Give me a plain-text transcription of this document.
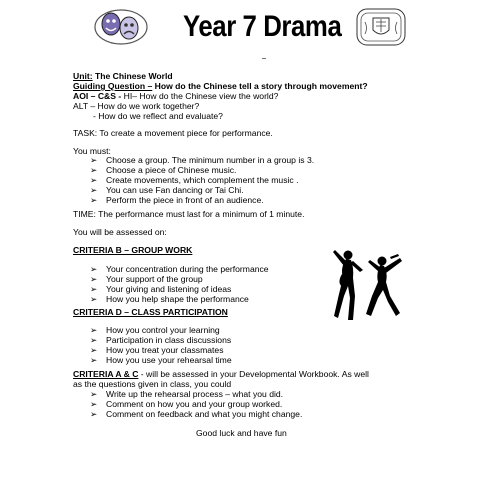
Year 7 Drama
Unit: The Chinese World
Guiding Question – How do the Chinese tell a story through movement?
AOI – C&S - HI– How do the Chinese view the world?
ALT – How do we work together?
- How do we reflect and evaluate?
TASK: To create a movement piece for performance.
You must:
➢ Choose a group. The minimum number in a group is 3.
➢ Choose a piece of Chinese music.
➢ Create movements, which complement the music .
➢ You can use Fan dancing or Tai Chi.
➢ Perform the piece in front of an audience.
TIME: The performance must last for a minimum of 1 minute.
You will be assessed on:
CRITERIA B – GROUP WORK
➢ Your concentration during the performance
➢ Your support of the group
➢ Your giving and listening of ideas
➢ How you help shape the performance
CRITERIA D – CLASS PARTICIPATION
➢ How you control your learning
➢ Participation in class discussions
➢ How you treat your classmates
➢ How you use your rehearsal time
CRITERIA A & C - will be assessed in your Developmental Workbook. As well
as the questions given in class, you could
➢ Write up the rehearsal process – what you did.
➢ Comment on how you and your group worked.
➢ Comment on feedback and what you might change.
Good luck and have fun
